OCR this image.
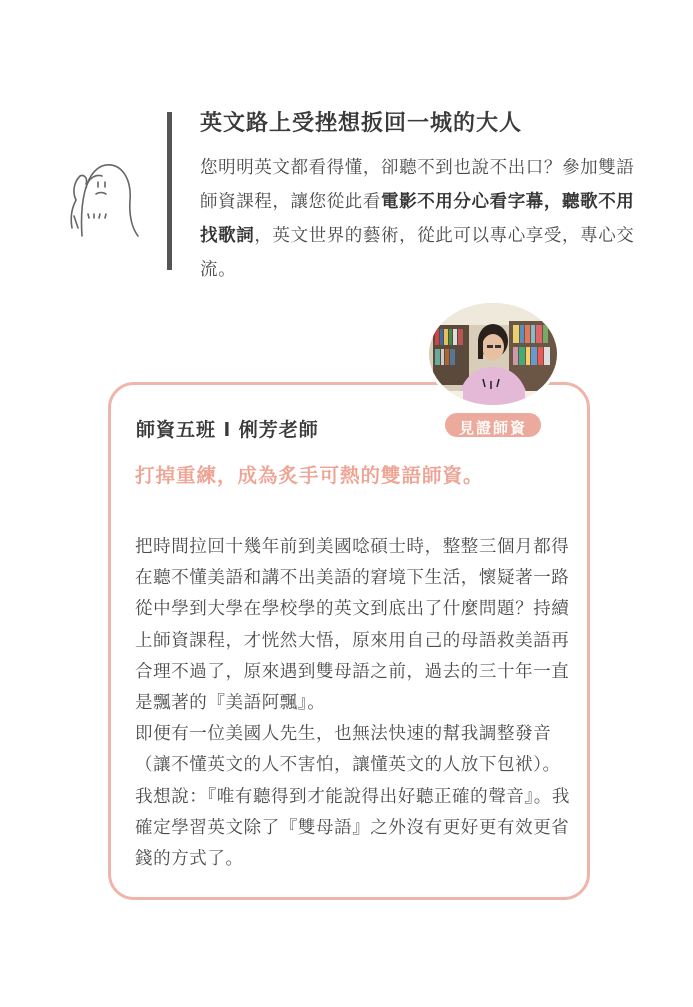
英文路上受挫想扳回一城的大人

您明明英文都看得懂，卻聽不到也說不出口？參加雙語師資課程，讓您從此看電影不用分心看字幕，聽歌不用找歌詞，英文世界的藝術，從此可以專心享受，專心交流。

見證師資
師資五班 l 俐芳老師
打掉重練，成為炙手可熱的雙語師資。

把時間拉回十幾年前到美國唸碩士時，整整三個月都得在聽不懂美語和講不出美語的窘境下生活，懷疑著一路從中學到大學在學校學的英文到底出了什麼問題？持續上師資課程，才恍然大悟，原來用自己的母語救美語再合理不過了，原來遇到雙母語之前，過去的三十年一直是飄著的『美語阿飄』。

即便有一位美國人先生，也無法快速的幫我調整發音（讓不懂英文的人不害怕，讓懂英文的人放下包袱）。我想說：『唯有聽得到才能說得出好聽正確的聲音』。我確定學習英文除了『雙母語』之外沒有更好更有效更省錢的方式了。
